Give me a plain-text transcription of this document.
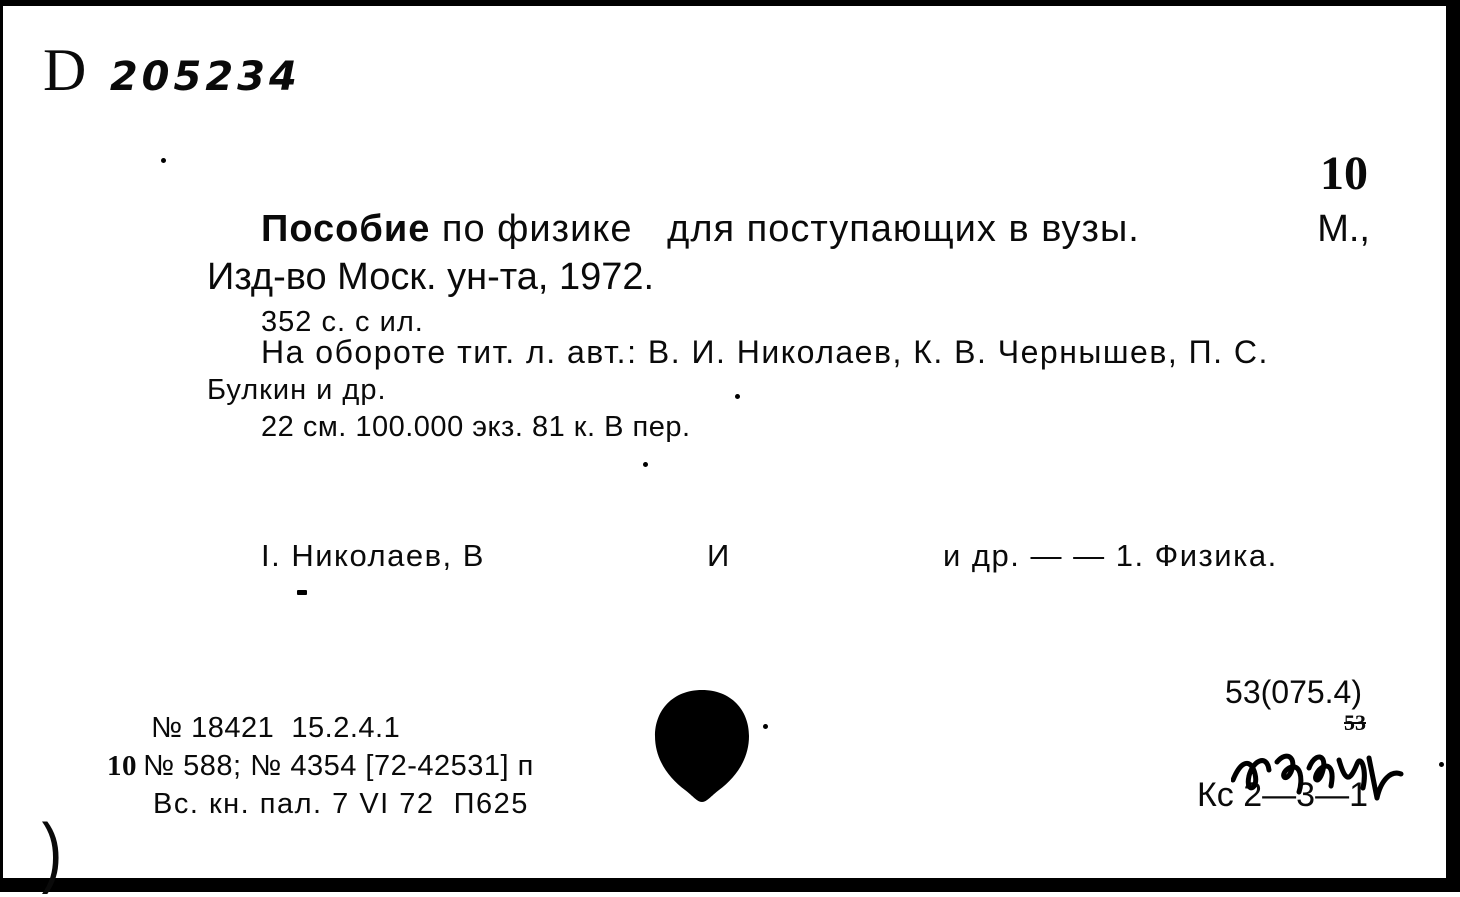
D 205234
10
Пособие по физике   для поступающих в вузы.	М.,
Изд-во Моск. ун-та, 1972.
352 с. с ил.
На обороте тит. л. авт.: В. И. Николаев, К. В. Чернышев, П. С.
Булкин и др.
22 см. 100.000 экз. 81 к. В пер.
I. Николаев, В	И	и др. — — 1. Физика.
№ 18421  15.2.4.1
10 № 588; № 4354 [72-42531] п
Вс. кн. пал. 7 VI 72  П625
53(075.4)
53
Кс 2—3—1
)
